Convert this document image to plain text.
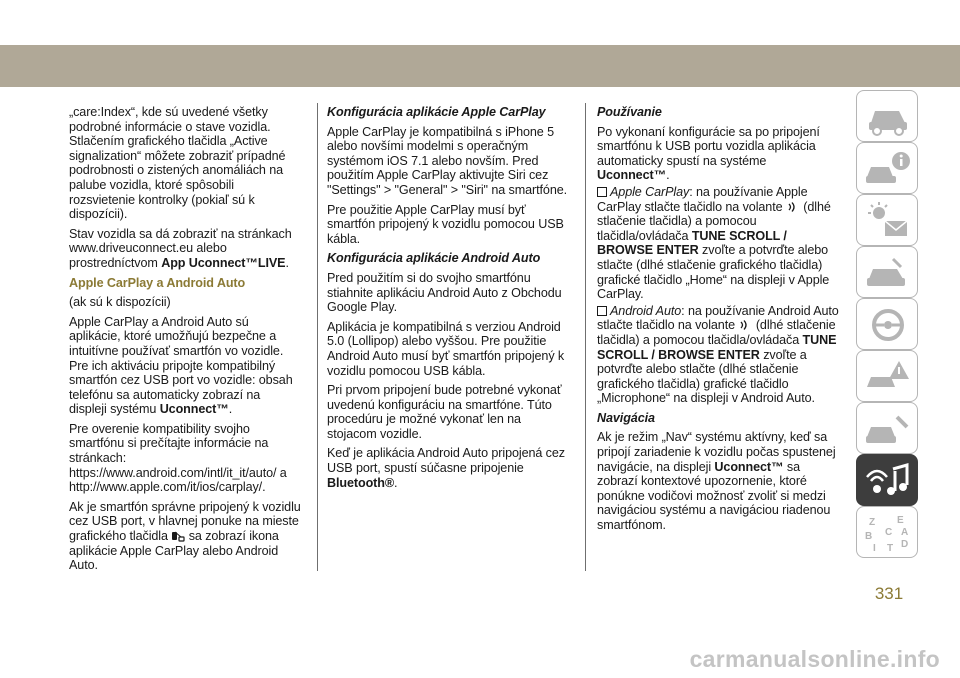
„care:Index“, kde sú uvedené všetky podrobné informácie o stave vozidla. Stlačením grafického tlačidla „Active signalization“ môžete zobraziť prípadné podrobnosti o zistených anomáliách na palube vozidla, ktoré spôsobili rozsvietenie kontrolky (pokiaľ sú k dispozícii).

Stav vozidla sa dá zobraziť na stránkach www.driveuconnect.eu alebo prostredníctvom App Uconnect™LIVE.

Apple CarPlay a Android Auto

(ak sú k dispozícii)

Apple CarPlay a Android Auto sú aplikácie, ktoré umožňujú bezpečne a intuitívne používať smartfón vo vozidle. Pre ich aktiváciu pripojte kompatibilný smartfón cez USB port vo vozidle: obsah telefónu sa automaticky zobrazí na displeji systému Uconnect™.

Pre overenie kompatibility svojho smartfónu si prečítajte informácie na stránkach: https://www.android.com/intl/it_it/auto/ a http://www.apple.com/it/ios/carplay/.

Ak je smartfón správne pripojený k vozidlu cez USB port, v hlavnej ponuke na mieste grafického tlačidla  sa zobrazí ikona aplikácie Apple CarPlay alebo Android Auto.

Konfigurácia aplikácie Apple CarPlay

Apple CarPlay je kompatibilná s iPhone 5 alebo novšími modelmi s operačným systémom iOS 7.1 alebo novším. Pred použitím Apple CarPlay aktivujte Siri cez "Settings" > "General" > "Siri" na smartfóne.

Pre použitie Apple CarPlay musí byť smartfón pripojený k vozidlu pomocou USB kábla.

Konfigurácia aplikácie Android Auto

Pred použitím si do svojho smartfónu stiahnite aplikáciu Android Auto z Obchodu Google Play.

Aplikácia je kompatibilná s verziou Android 5.0 (Lollipop) alebo vyššou. Pre použitie Android Auto musí byť smartfón pripojený k vozidlu pomocou USB kábla.

Pri prvom pripojení bude potrebné vykonať uvedenú konfiguráciu na smartfóne. Túto procedúru je možné vykonať len na stojacom vozidle.

Keď je aplikácia Android Auto pripojená cez USB port, spustí súčasne pripojenie Bluetooth®.

Používanie

Po vykonaní konfigurácie sa po pripojení smartfónu k USB portu vozidla aplikácia automaticky spustí na systéme Uconnect™.

Apple CarPlay: na používanie Apple CarPlay stlačte tlačidlo na volante  (dlhé stlačenie tlačidla) a pomocou tlačidla/ovládača TUNE SCROLL / BROWSE ENTER zvoľte a potvrďte alebo stlačte (dlhé stlačenie grafického tlačidla) grafické tlačidlo „Home“ na displeji v Apple CarPlay.

Android Auto: na používanie Android Auto stlačte tlačidlo na volante  (dlhé stlačenie tlačidla) a pomocou tlačidla/ovládača TUNE SCROLL / BROWSE ENTER zvoľte a potvrďte alebo stlačte (dlhé stlačenie grafického tlačidla) grafické tlačidlo „Microphone“ na displeji v Android Auto.

Navigácia

Ak je režim „Nav“ systému aktívny, keď sa pripojí zariadenie k vozidlu počas spustenej navigácie, na displeji Uconnect™ sa zobrazí kontextové upozornenie, ktoré ponúkne vodičovi možnosť zvoliť si medzi navigáciou systému a navigáciou riadenou smartfónom.	Z E
B C
I T D
A
331
carmanualsonline.info
